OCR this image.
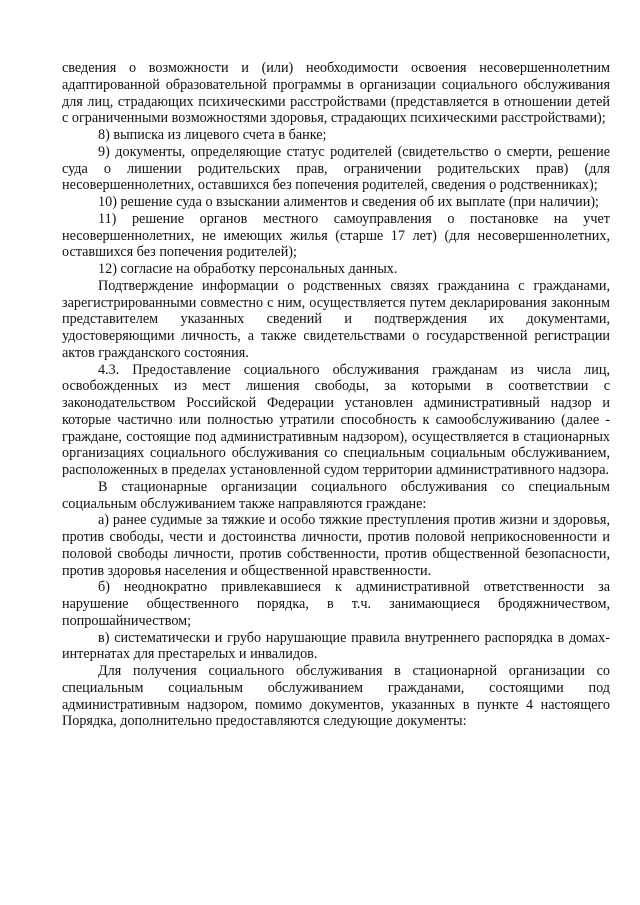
сведения о возможности и (или) необходимости освоения несовершеннолетним адаптированной образовательной программы в организации социального обслуживания для лиц, страдающих психическими расстройствами (представляется в отношении детей с ограниченными возможностями здоровья, страдающих психическими расстройствами);

8) выписка из лицевого счета в банке;

9) документы, определяющие статус родителей (свидетельство о смерти, решение суда о лишении родительских прав, ограничении родительских прав) (для несовершеннолетних, оставшихся без попечения родителей, сведения о родственниках);

10) решение суда о взыскании алиментов и сведения об их выплате (при наличии);

11) решение органов местного самоуправления о постановке на учет несовершеннолетних, не имеющих жилья (старше 17 лет) (для несовершеннолетних, оставшихся без попечения родителей);

12) согласие на обработку персональных данных.

Подтверждение информации о родственных связях гражданина с гражданами, зарегистрированными совместно с ним, осуществляется путем декларирования законным представителем указанных сведений и подтверждения их документами, удостоверяющими личность, а также свидетельствами о государственной регистрации актов гражданского состояния.

4.3. Предоставление социального обслуживания гражданам из числа лиц, освобожденных из мест лишения свободы, за которыми в соответствии с законодательством Российской Федерации установлен административный надзор и которые частично или полностью утратили способность к самообслуживанию (далее - граждане, состоящие под административным надзором), осуществляется в стационарных организациях социального обслуживания со специальным социальным обслуживанием, расположенных в пределах установленной судом территории административного надзора.

В стационарные организации социального обслуживания со специальным социальным обслуживанием также направляются граждане:

а) ранее судимые за тяжкие и особо тяжкие преступления против жизни и здоровья, против свободы, чести и достоинства личности, против половой неприкосновенности и половой свободы личности, против собственности, против общественной безопасности, против здоровья населения и общественной нравственности.

б) неоднократно привлекавшиеся к административной ответственности за нарушение общественного порядка, в т.ч. занимающиеся бродяжничеством, попрошайничеством;

в) систематически и грубо нарушающие правила внутреннего распорядка в домах-интернатах для престарелых и инвалидов.

Для получения социального обслуживания в стационарной организации со специальным социальным обслуживанием гражданами, состоящими под административным надзором, помимо документов, указанных в пункте 4 настоящего Порядка, дополнительно предоставляются следующие документы:
